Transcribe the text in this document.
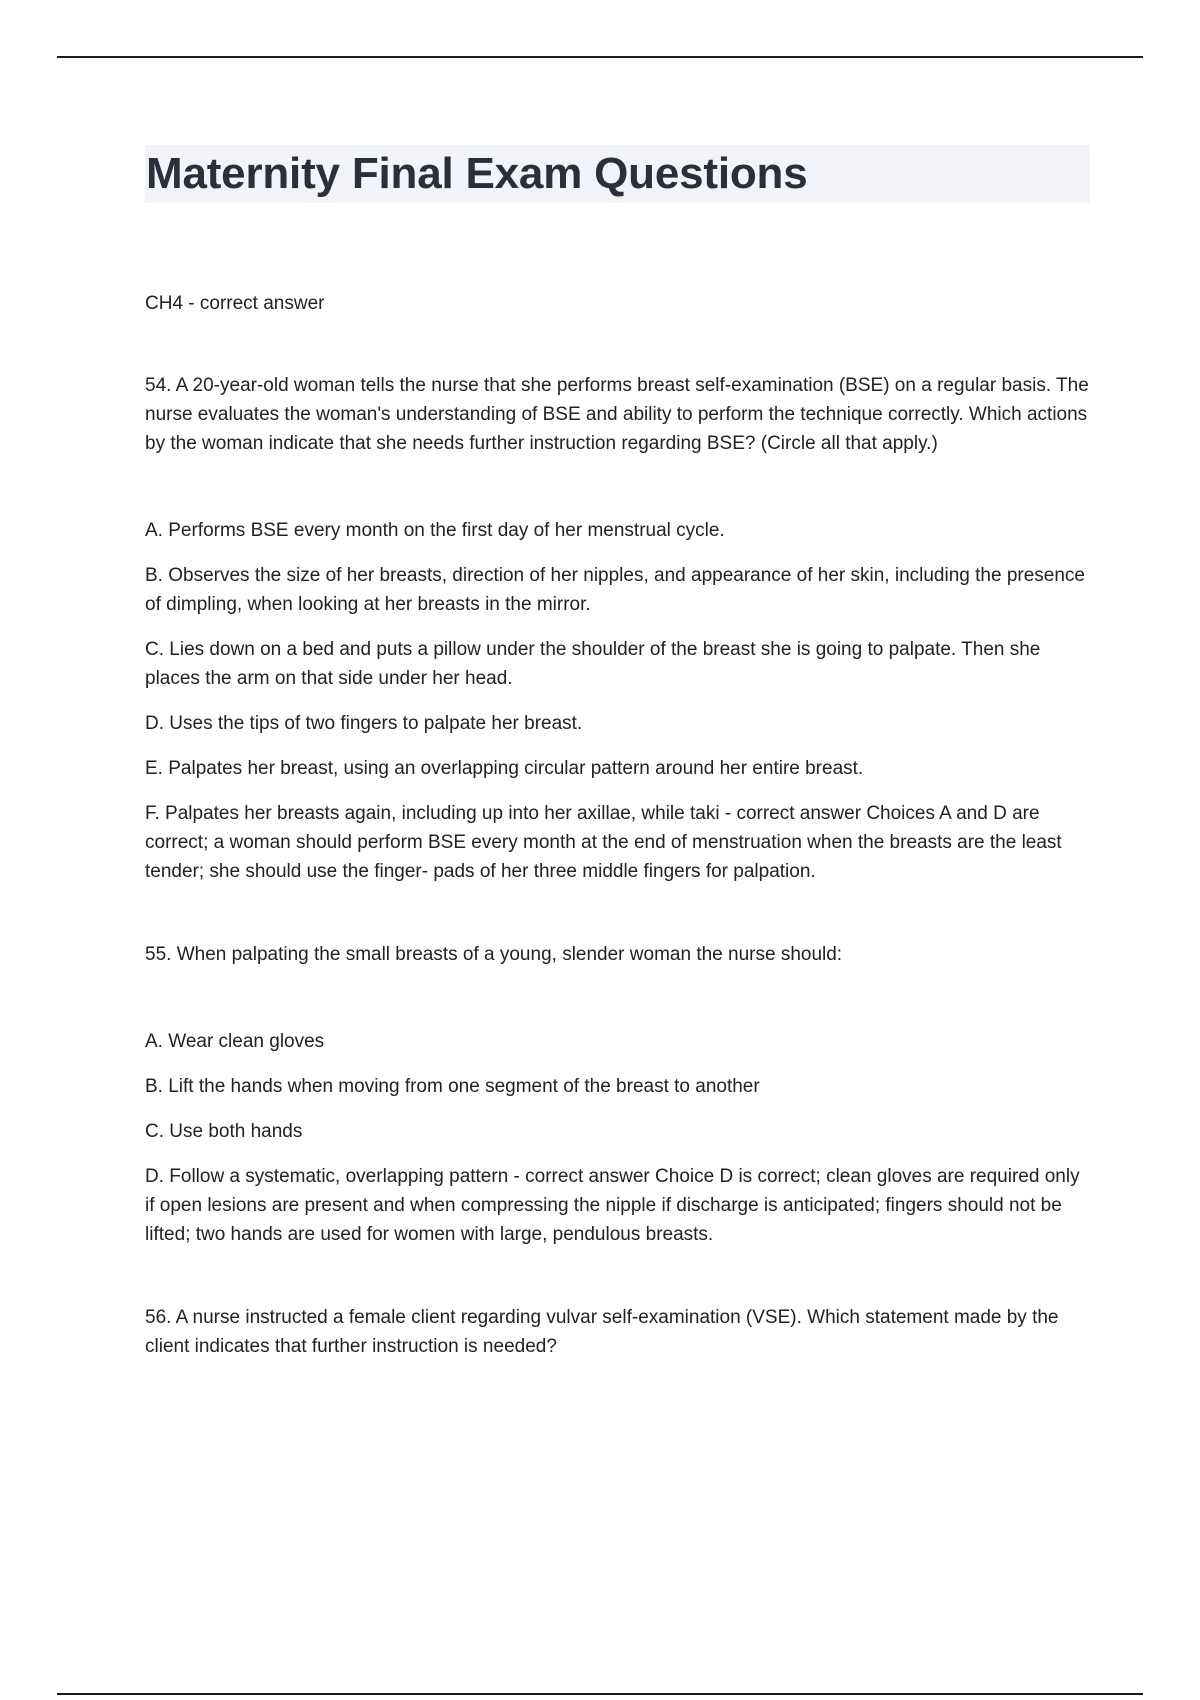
Maternity Final Exam Questions

CH4 - correct answer

54. A 20-year-old woman tells the nurse that she performs breast self-examination (BSE) on a regular basis. The nurse evaluates the woman's understanding of BSE and ability to perform the technique correctly. Which actions by the woman indicate that she needs further instruction regarding BSE? (Circle all that apply.)

A. Performs BSE every month on the first day of her menstrual cycle.

B. Observes the size of her breasts, direction of her nipples, and appearance of her skin, including the presence of dimpling, when looking at her breasts in the mirror.

C. Lies down on a bed and puts a pillow under the shoulder of the breast she is going to palpate. Then she places the arm on that side under her head.

D. Uses the tips of two fingers to palpate her breast.

E. Palpates her breast, using an overlapping circular pattern around her entire breast.

F. Palpates her breasts again, including up into her axillae, while taki - correct answer Choices A and D are correct; a woman should perform BSE every month at the end of menstruation when the breasts are the least tender; she should use the finger- pads of her three middle fingers for palpation.

55. When palpating the small breasts of a young, slender woman the nurse should:

A. Wear clean gloves

B. Lift the hands when moving from one segment of the breast to another

C. Use both hands

D. Follow a systematic, overlapping pattern - correct answer Choice D is correct; clean gloves are required only if open lesions are present and when compressing the nipple if discharge is anticipated; fingers should not be lifted; two hands are used for women with large, pendulous breasts.

56. A nurse instructed a female client regarding vulvar self-examination (VSE). Which statement made by the client indicates that further instruction is needed?
